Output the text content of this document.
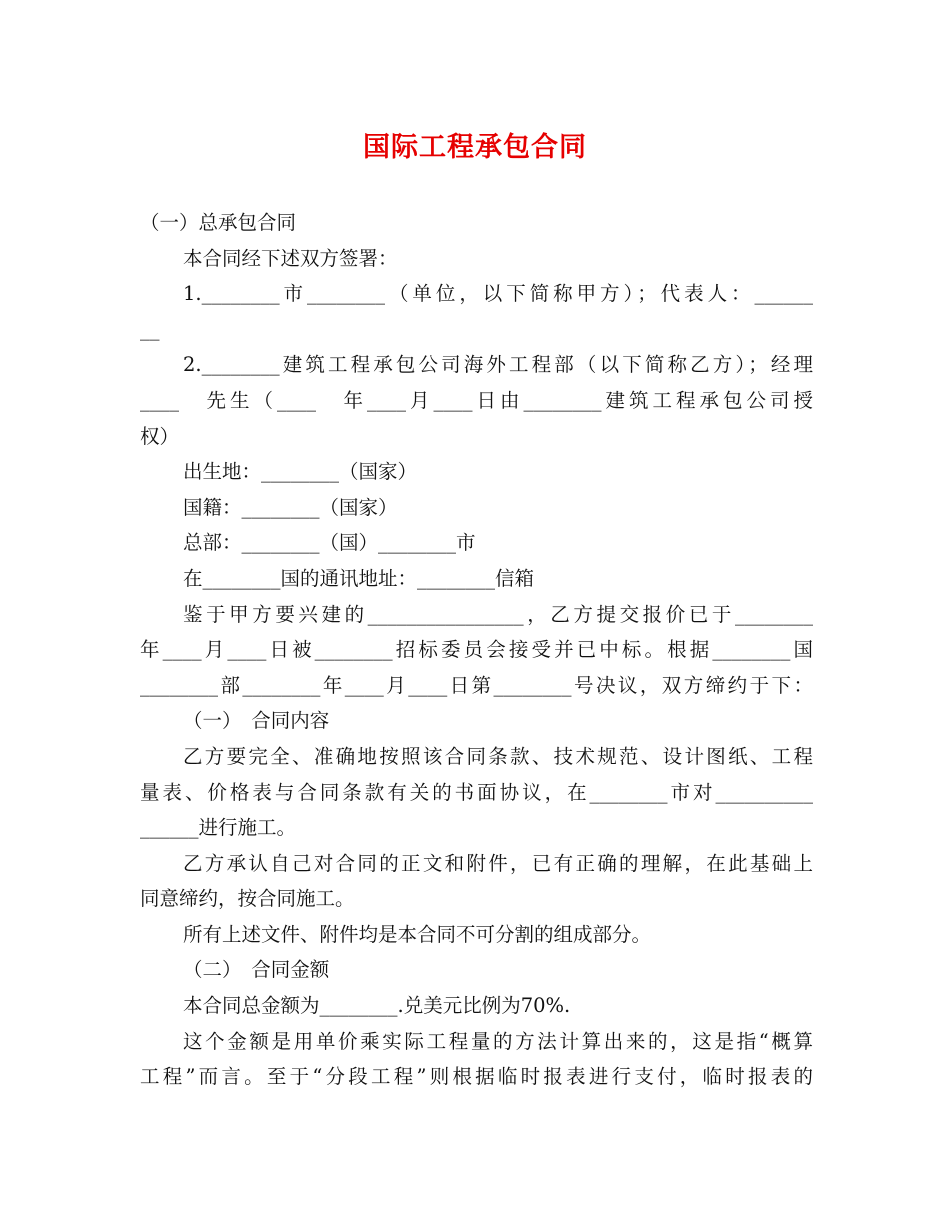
国际工程承包合同
（一）总承包合同
本合同经下述双方签署：
1.________市________（单位，以下简称甲方）；代表人：______
__
2.________建筑工程承包公司海外工程部（以下简称乙方）；经理
____　先生（____　年____月____日由________建筑工程承包公司授
权）
出生地：________（国家）
国籍：________（国家）
总部：________（国）________市
在________国的通讯地址：________信箱
鉴于甲方要兴建的________________，乙方提交报价已于________
年____月____日被________招标委员会接受并已中标。根据________国
________部________年____月____日第________号决议，双方缔约于下：
（一）　合同内容
乙方要完全、准确地按照该合同条款、技术规范、设计图纸、工程
量表、价格表与合同条款有关的书面协议，在________市对__________
______进行施工。
乙方承认自己对合同的正文和附件，已有正确的理解，在此基础上
同意缔约，按合同施工。
所有上述文件、附件均是本合同不可分割的组成部分。
（二）　合同金额
本合同总金额为________.兑美元比例为70%.
这个金额是用单价乘实际工程量的方法计算出来的，这是指“概算
工程”而言。至于“分段工程”则根据临时报表进行支付，临时报表的
